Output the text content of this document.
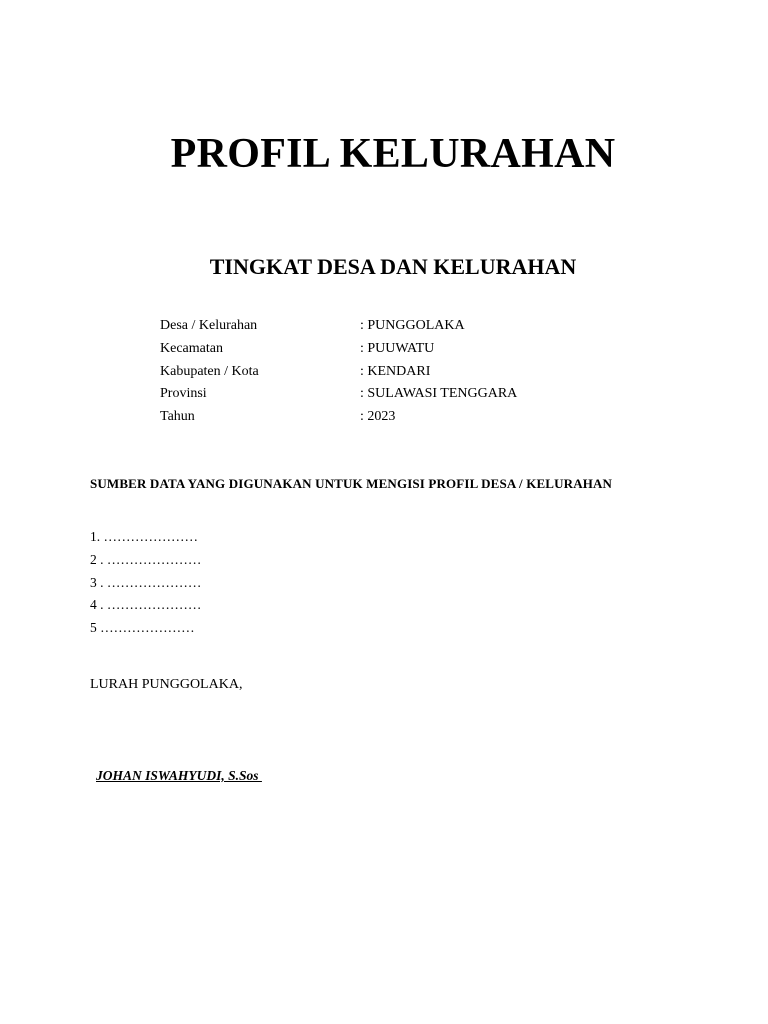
PROFIL KELURAHAN
TINGKAT DESA DAN KELURAHAN
Desa / Kelurahan	: PUNGGOLAKA
Kecamatan	: PUUWATU
Kabupaten / Kota	: KENDARI
Provinsi	: SULAWASI TENGGARA
Tahun	: 2023
SUMBER DATA YANG DIGUNAKAN UNTUK MENGISI PROFIL DESA / KELURAHAN
1. …………………
2 . …………………
3 . …………………
4 . …………………
5 …………………
LURAH PUNGGOLAKA,
JOHAN ISWAHYUDI, S.Sos
